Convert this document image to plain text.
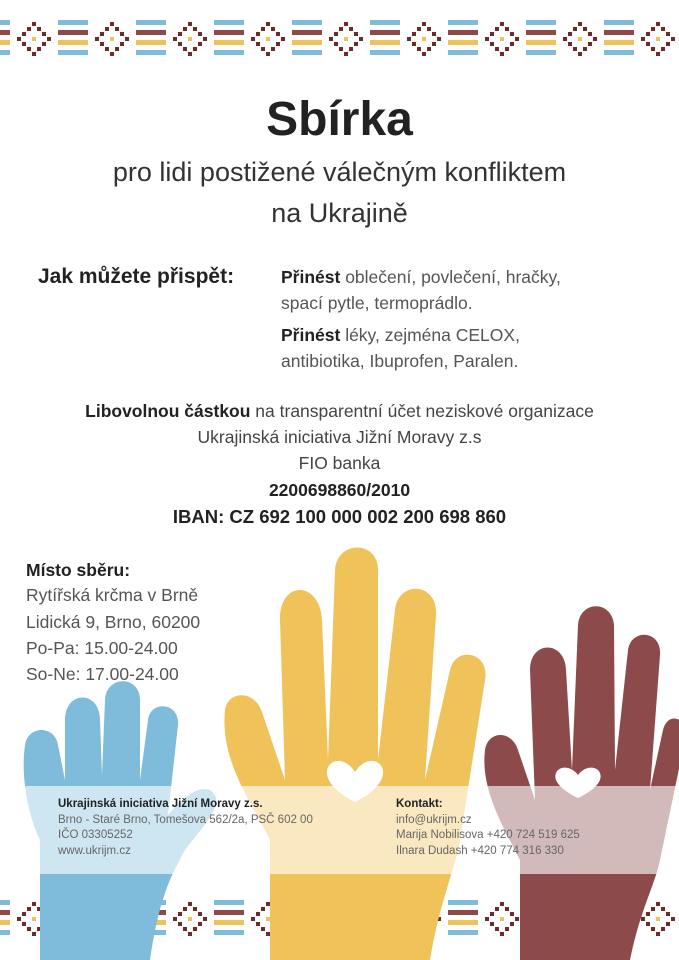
Sbírka
pro lidi postižené válečným konfliktem
na Ukrajině
Jak můžete přispět:	Přinést oblečení, povlečení, hračky,
spací pytle, termoprádlo.
Přinést léky, zejména CELOX,
antibiotika, Ibuprofen, Paralen.
Libovolnou částkou na transparentní účet neziskové organizace
Ukrajinská iniciativa Jižní Moravy z.s
FIO banka
2200698860/2010
IBAN: CZ 692 100 000 002 200 698 860
Místo sběru:
Rytířská krčma v Brně
Lidická 9, Brno, 60200
Po-Pa: 15.00-24.00
So-Ne: 17.00-24.00
Ukrajinská iniciativa Jižní Moravy z.s.
Brno - Staré Brno, Tomešova 562/2a, PSČ 602 00
IČO 03305252
www.ukrijm.cz
Kontakt:
info@ukrijm.cz
Marija Nobilisova +420 724 519 625
Ilnara Dudash +420 774 316 330
